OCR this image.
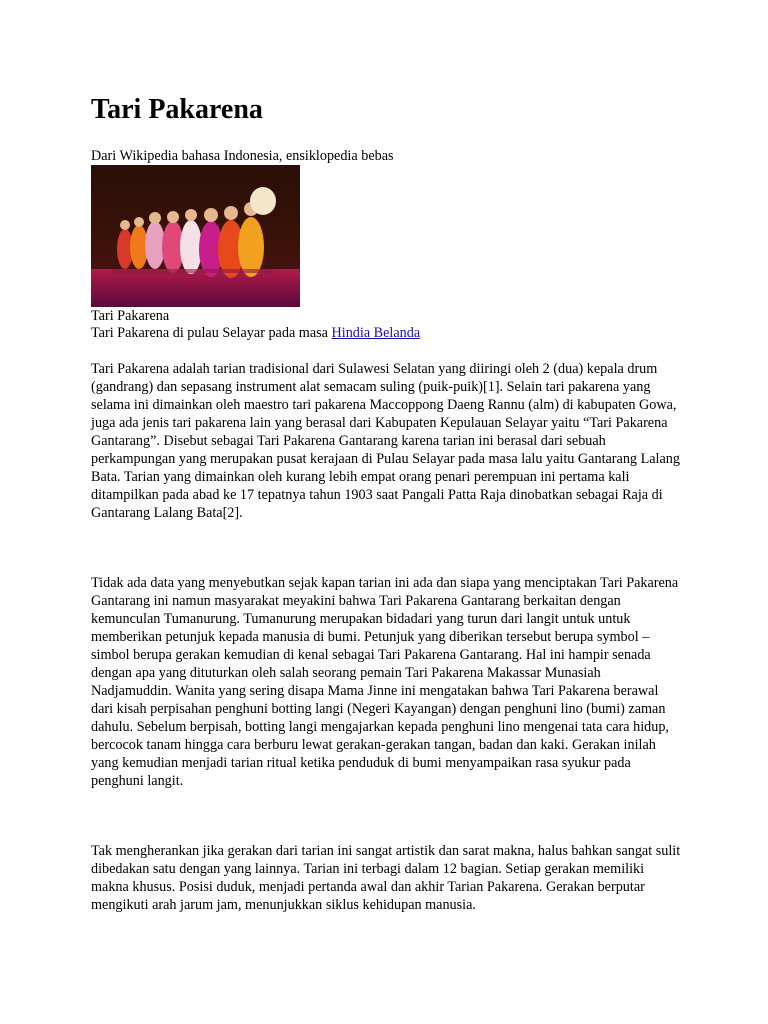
Tari Pakarena
Dari Wikipedia bahasa Indonesia, ensiklopedia bebas
Tari Pakarena
Tari Pakarena di pulau Selayar pada masa Hindia Belanda

Tari Pakarena adalah tarian tradisional dari Sulawesi Selatan yang diiringi oleh 2 (dua) kepala drum (gandrang) dan sepasang instrument alat semacam suling (puik-puik)[1]. Selain tari pakarena yang selama ini dimainkan oleh maestro tari pakarena Maccoppong Daeng Rannu (alm) di kabupaten Gowa, juga ada jenis tari pakarena lain yang berasal dari Kabupaten Kepulauan Selayar yaitu “Tari Pakarena Gantarang”. Disebut sebagai Tari Pakarena Gantarang karena tarian ini berasal dari sebuah perkampungan yang merupakan pusat kerajaan di Pulau Selayar pada masa lalu yaitu Gantarang Lalang Bata. Tarian yang dimainkan oleh kurang lebih empat orang penari perempuan ini pertama kali ditampilkan pada abad ke 17 tepatnya tahun 1903 saat Pangali Patta Raja dinobatkan sebagai Raja di Gantarang Lalang Bata[2].

Tidak ada data yang menyebutkan sejak kapan tarian ini ada dan siapa yang menciptakan Tari Pakarena Gantarang ini namun masyarakat meyakini bahwa Tari Pakarena Gantarang berkaitan dengan kemunculan Tumanurung. Tumanurung merupakan bidadari yang turun dari langit untuk untuk memberikan petunjuk kepada manusia di bumi. Petunjuk yang diberikan tersebut berupa symbol – simbol berupa gerakan kemudian di kenal sebagai Tari Pakarena Gantarang. Hal ini hampir senada dengan apa yang dituturkan oleh salah seorang pemain Tari Pakarena Makassar Munasiah Nadjamuddin. Wanita yang sering disapa Mama Jinne ini mengatakan bahwa Tari Pakarena berawal dari kisah perpisahan penghuni botting langi (Negeri Kayangan) dengan penghuni lino (bumi) zaman dahulu. Sebelum berpisah, botting langi mengajarkan kepada penghuni lino mengenai tata cara hidup, bercocok tanam hingga cara berburu lewat gerakan-gerakan tangan, badan dan kaki. Gerakan inilah yang kemudian menjadi tarian ritual ketika penduduk di bumi menyampaikan rasa syukur pada penghuni langit.

Tak mengherankan jika gerakan dari tarian ini sangat artistik dan sarat makna, halus bahkan sangat sulit dibedakan satu dengan yang lainnya. Tarian ini terbagi dalam 12 bagian. Setiap gerakan memiliki makna khusus. Posisi duduk, menjadi pertanda awal dan akhir Tarian Pakarena. Gerakan berputar mengikuti arah jarum jam, menunjukkan siklus kehidupan manusia.
